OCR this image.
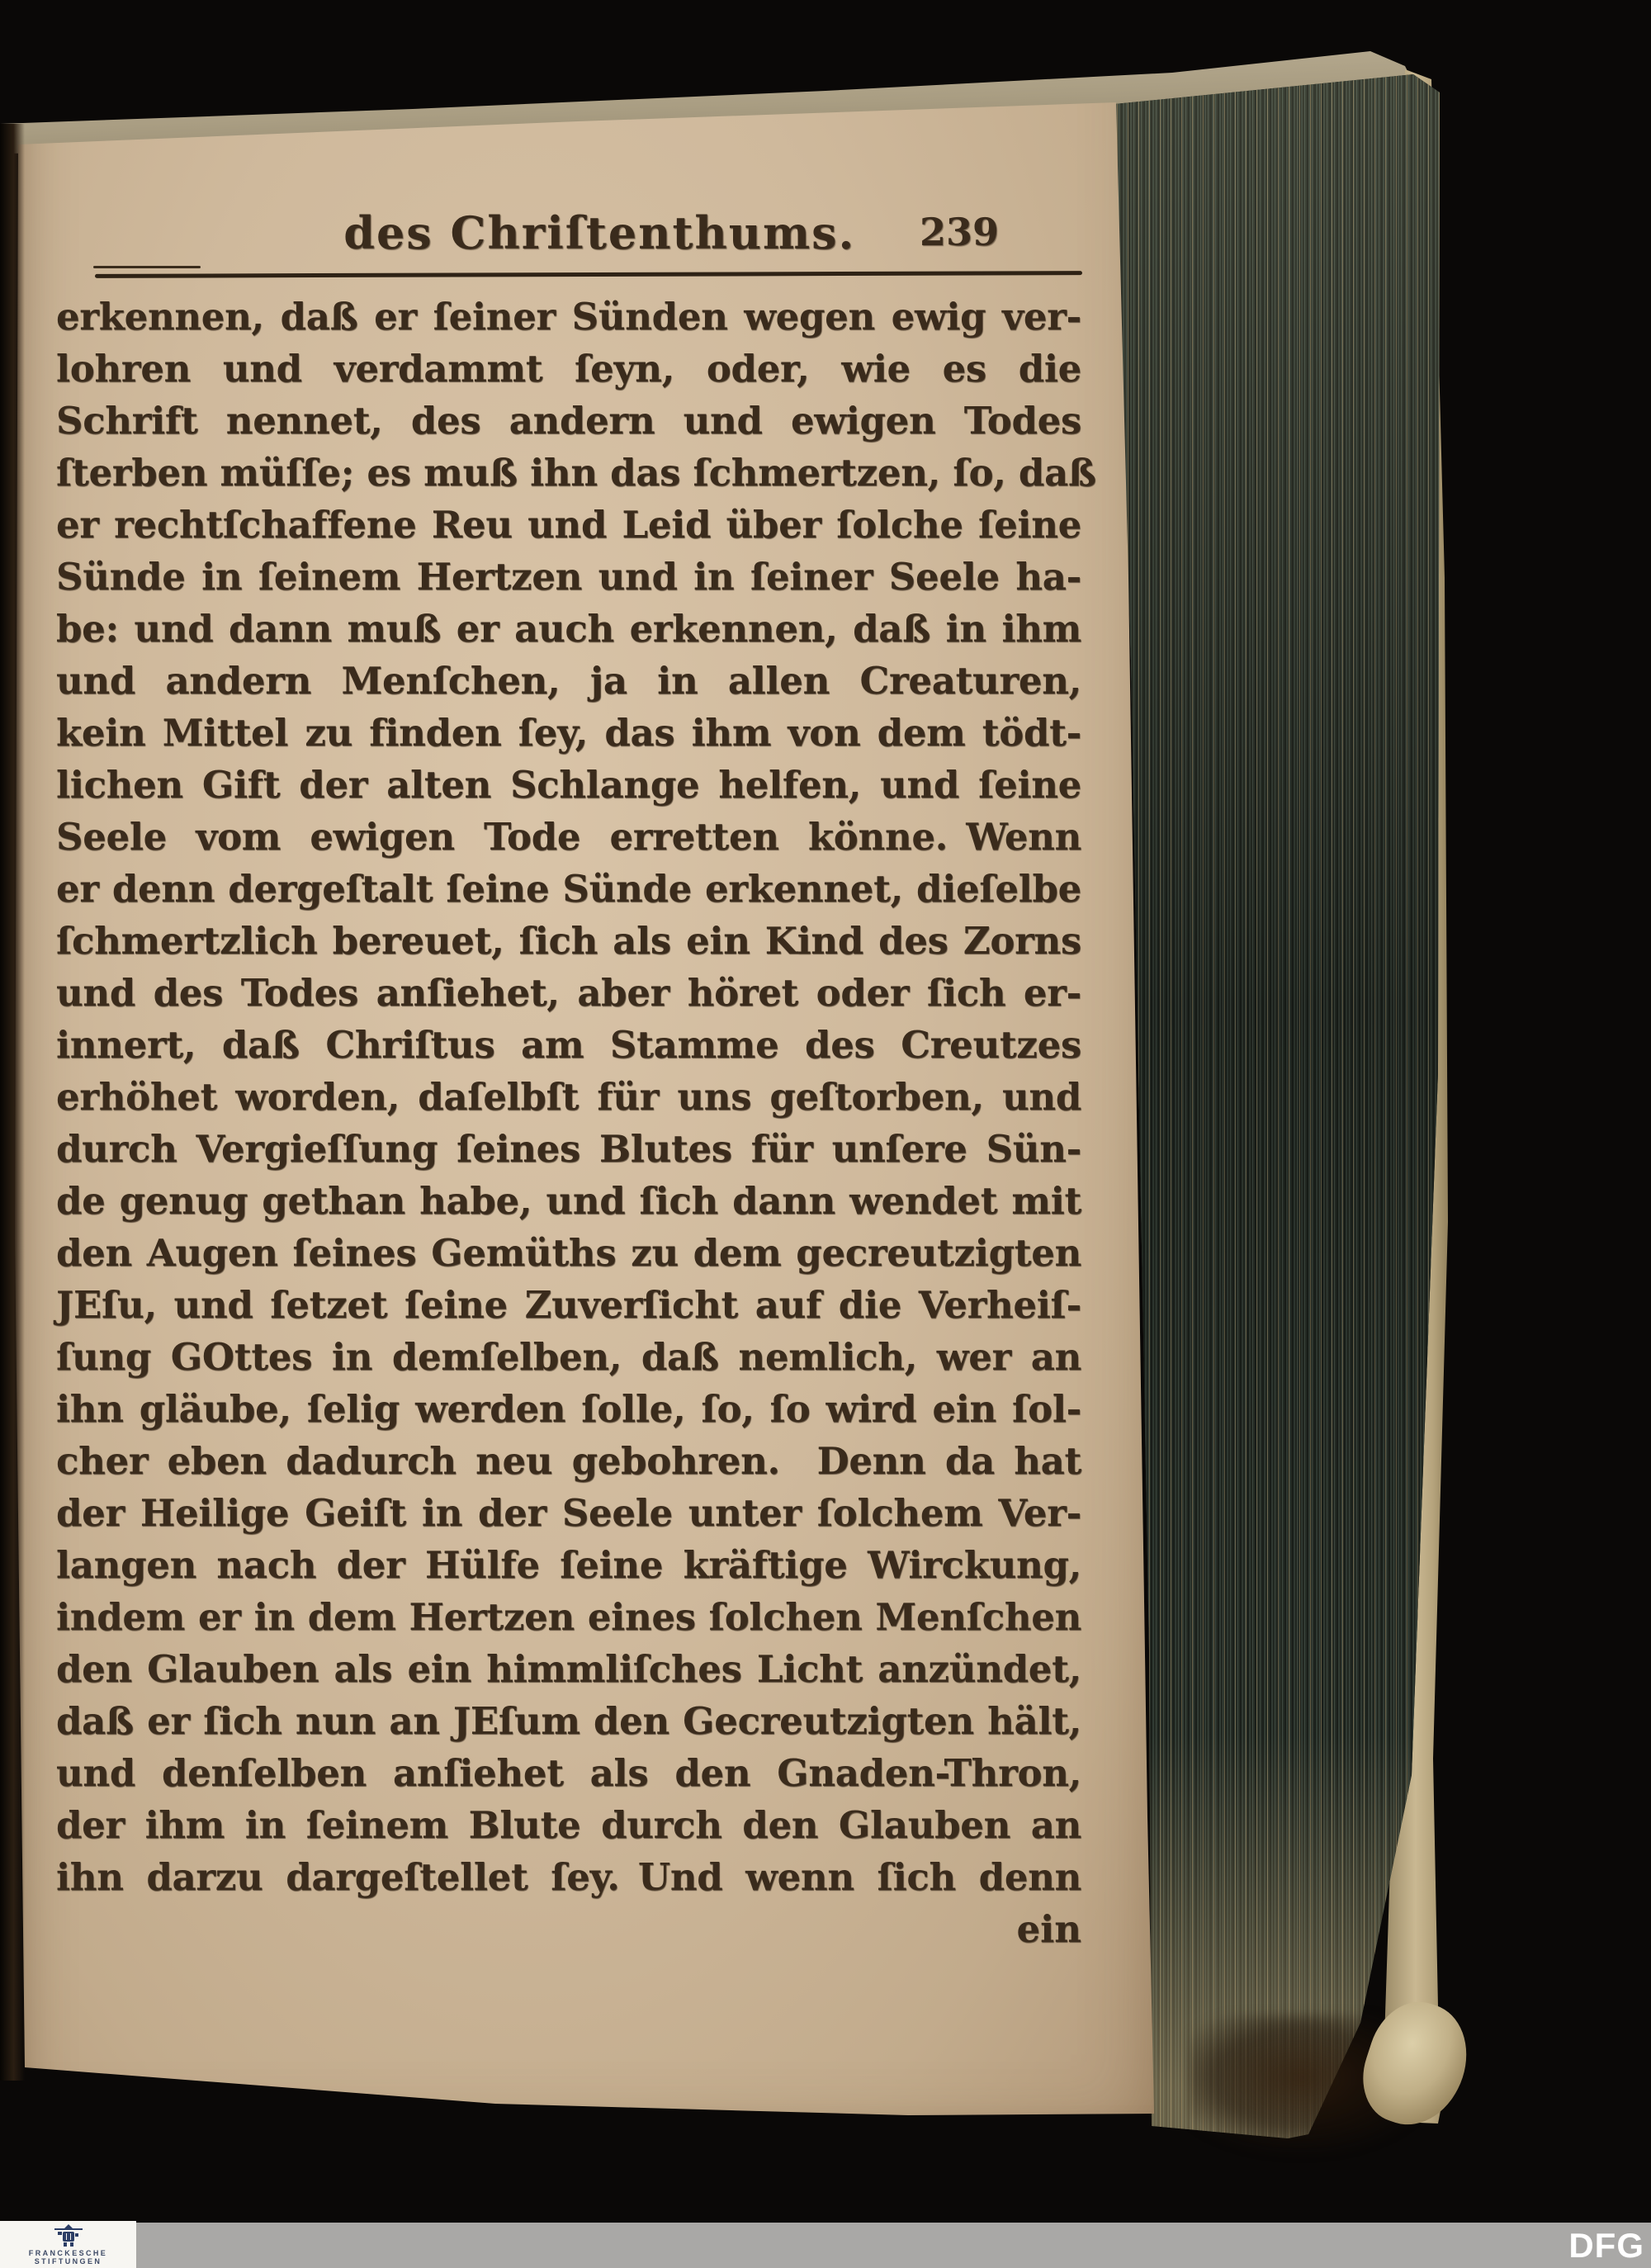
des Chriſtenthums. 239
erkennen, daß er ſeiner Sünden wegen ewig ver-
lohren und verdammt ſeyn, oder, wie es die
Schrift nennet, des andern und ewigen Todes
ſterben müſſe; es muß ihn das ſchmertzen, ſo, daß
er rechtſchaffene Reu und Leid über ſolche ſeine
Sünde in ſeinem Hertzen und in ſeiner Seele ha-
be: und dann muß er auch erkennen, daß in ihm
und andern Menſchen, ja in allen Creaturen,
kein Mittel zu finden ſey, das ihm von dem tödt-
lichen Gift der alten Schlange helfen, und ſeine
Seele vom ewigen Tode erretten könne. Wenn
er denn dergeſtalt ſeine Sünde erkennet, dieſelbe
ſchmertzlich bereuet, ſich als ein Kind des Zorns
und des Todes anſiehet, aber höret oder ſich er-
innert, daß Chriſtus am Stamme des Creutzes
erhöhet worden, daſelbſt für uns geſtorben, und
durch Vergieſſung ſeines Blutes für unſere Sün-
de genug gethan habe, und ſich dann wendet mit
den Augen ſeines Gemüths zu dem gecreutzigten
JEſu, und ſetzet ſeine Zuverſicht auf die Verheiſ-
ſung GOttes in demſelben, daß nemlich, wer an
ihn gläube, ſelig werden ſolle, ſo, ſo wird ein ſol-
cher eben dadurch neu gebohren. Denn da hat
der Heilige Geiſt in der Seele unter ſolchem Ver-
langen nach der Hülfe ſeine kräftige Wirckung,
indem er in dem Hertzen eines ſolchen Menſchen
den Glauben als ein himmliſches Licht anzündet,
daß er ſich nun an JEſum den Gecreutzigten hält,
und denſelben anſiehet als den Gnaden-Thron,
der ihm in ſeinem Blute durch den Glauben an
ihn darzu dargeſtellet ſey. Und wenn ſich denn
ein
FRANCKESCHE
STIFTUNGEN	DFG
